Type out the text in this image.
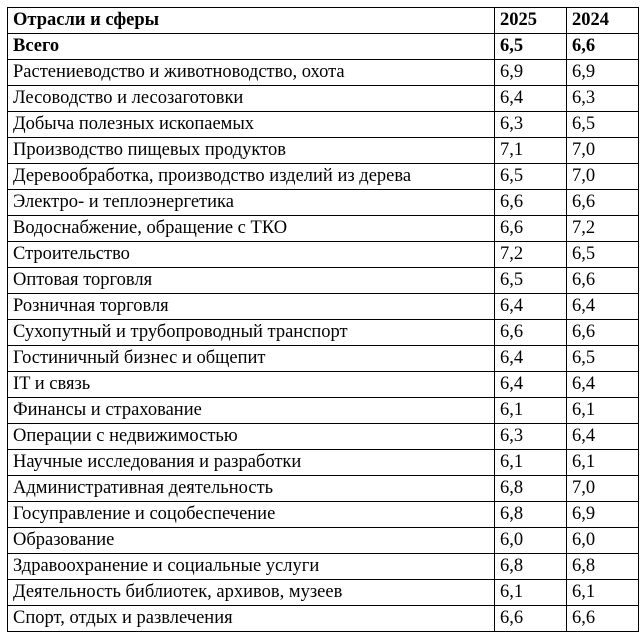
Отрасли и сферы	2025	2024
Всего	6,5	6,6
Растениеводство и животноводство, охота	6,9	6,9
Лесоводство и лесозаготовки	6,4	6,3
Добыча полезных ископаемых	6,3	6,5
Производство пищевых продуктов	7,1	7,0
Деревообработка, производство изделий из дерева	6,5	7,0
Электро- и теплоэнергетика	6,6	6,6
Водоснабжение, обращение с ТКО	6,6	7,2
Строительство	7,2	6,5
Оптовая торговля	6,5	6,6
Розничная торговля	6,4	6,4
Сухопутный и трубопроводный транспорт	6,6	6,6
Гостиничный бизнес и общепит	6,4	6,5
IT и связь	6,4	6,4
Финансы и страхование	6,1	6,1
Операции с недвижимостью	6,3	6,4
Научные исследования и разработки	6,1	6,1
Административная деятельность	6,8	7,0
Госуправление и соцобеспечение	6,8	6,9
Образование	6,0	6,0
Здравоохранение и социальные услуги	6,8	6,8
Деятельность библиотек, архивов, музеев	6,1	6,1
Спорт, отдых и развлечения	6,6	6,6
